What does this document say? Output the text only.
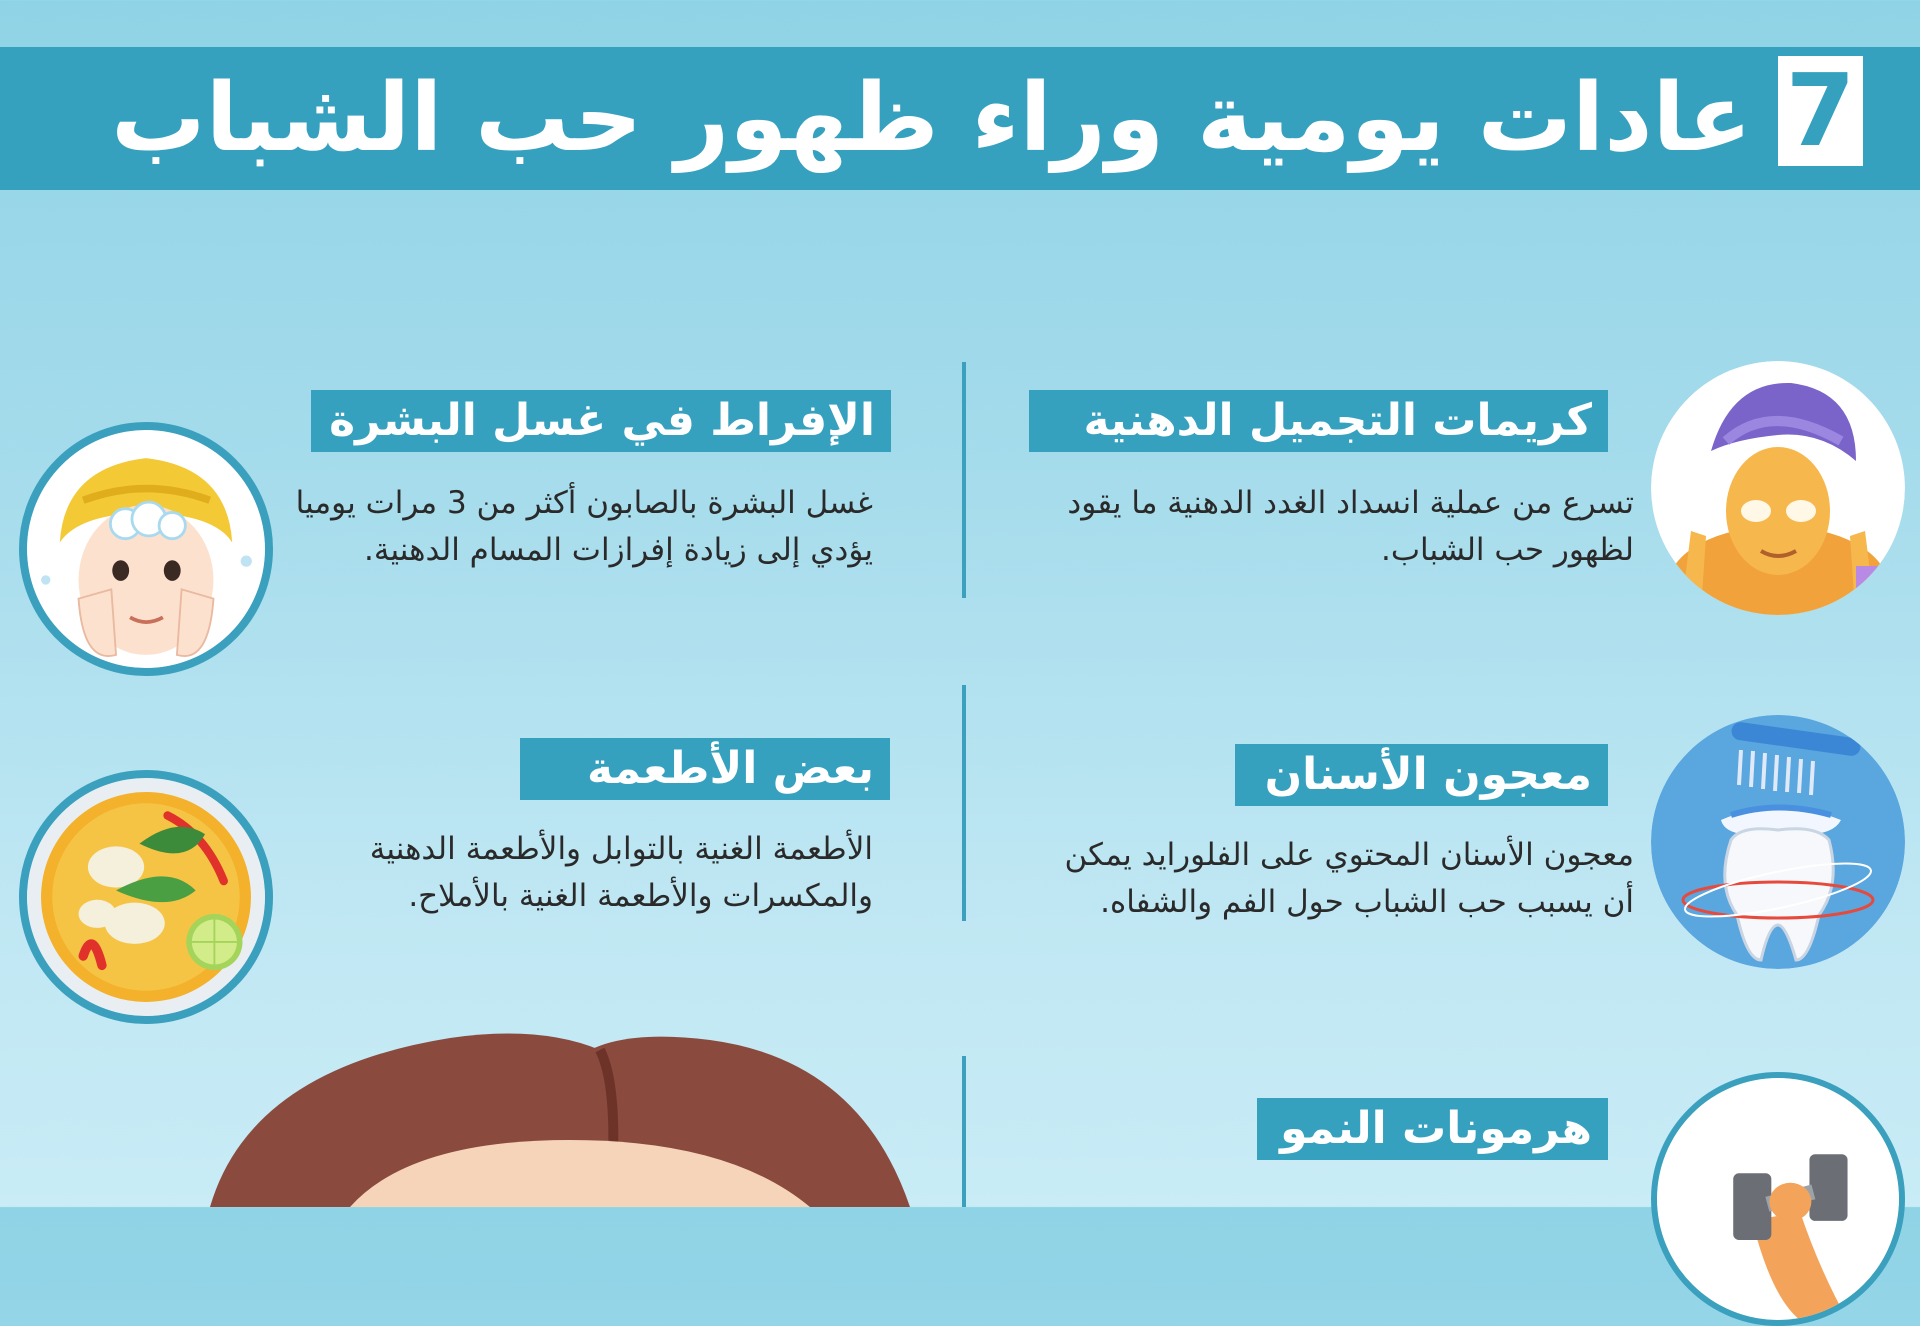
عادات يومية وراء ظهور حب الشباب 7
كريمات التجميل الدهنية
تسرع من عملية انسداد الغدد الدهنية ما يقود لظهور حب الشباب.
الإفراط في غسل البشرة
غسل البشرة بالصابون أكثر من 3 مرات يوميا يؤدي إلى زيادة إفرازات المسام الدهنية.
معجون الأسنان
معجون الأسنان المحتوي على الفلورايد يمكن أن يسبب حب الشباب حول الفم والشفاه.
بعض الأطعمة
الأطعمة الغنية بالتوابل والأطعمة الدهنية والمكسرات والأطعمة الغنية بالأملاح.
هرمونات النمو
